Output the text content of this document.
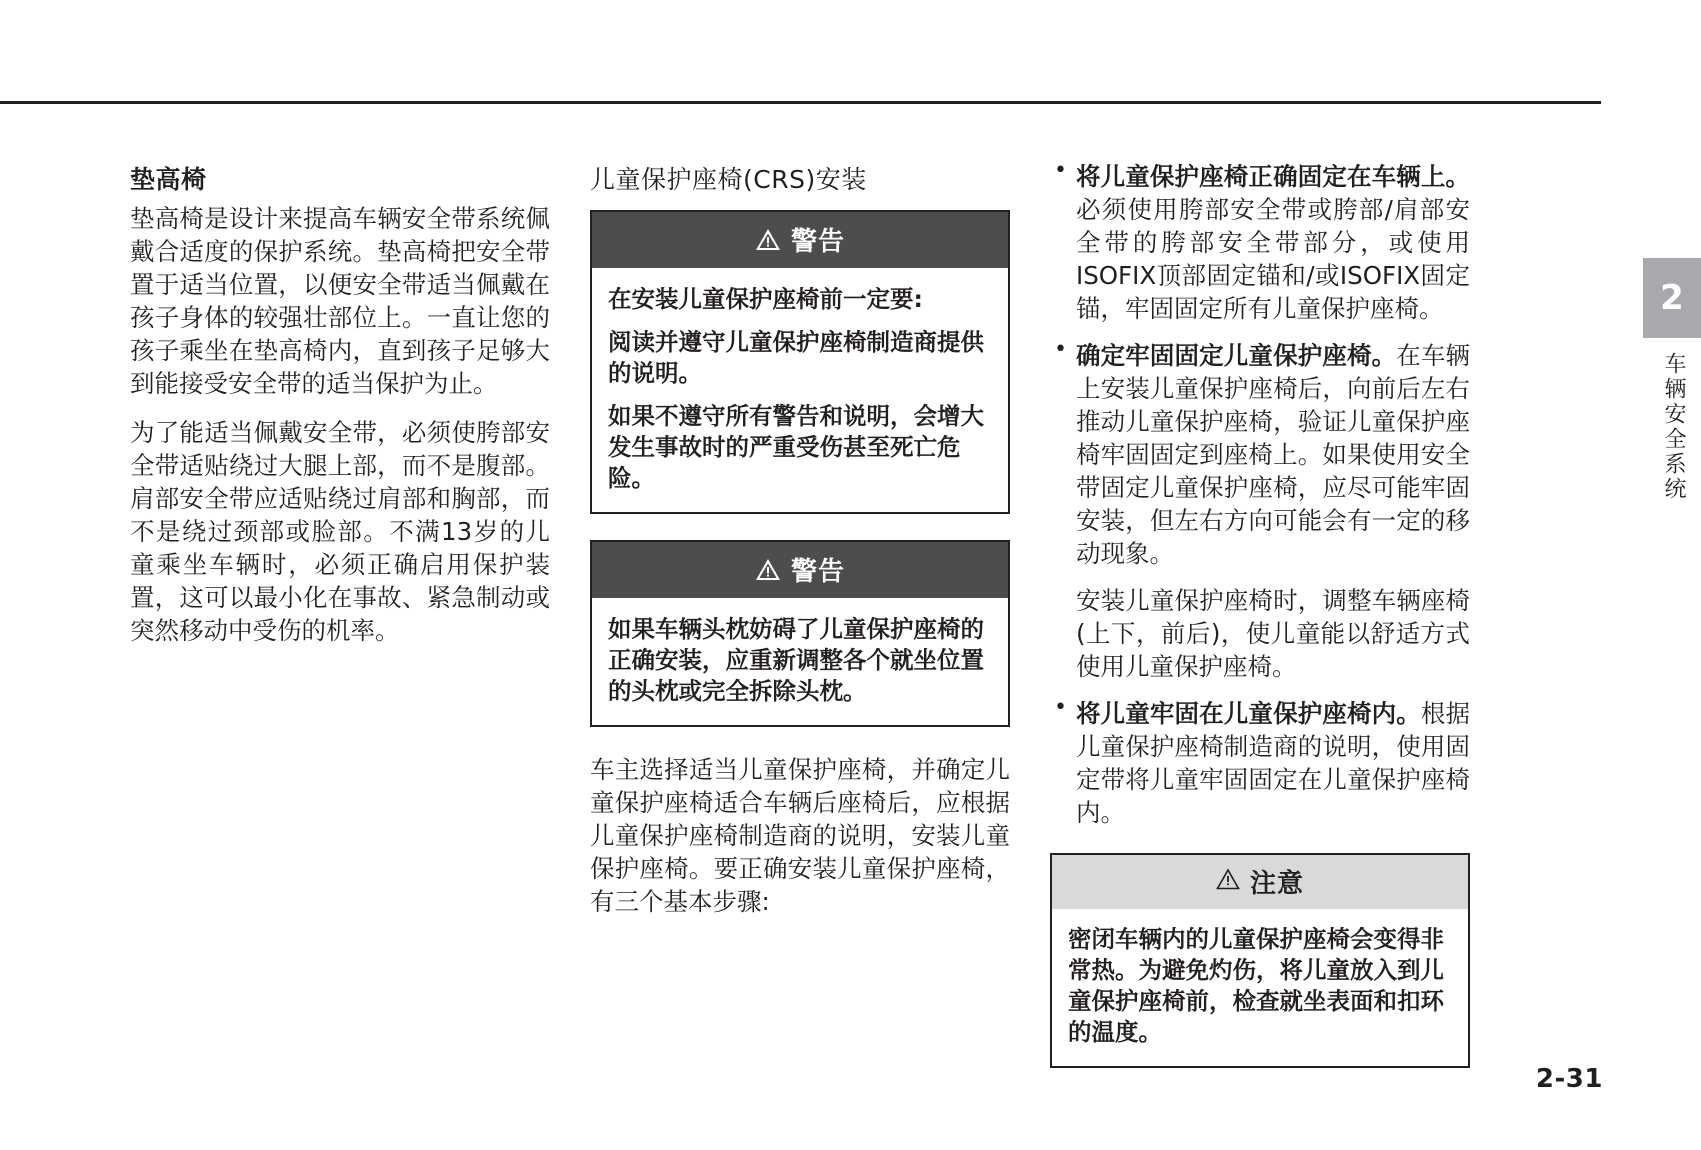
垫高椅

垫高椅是设计来提高车辆安全带系统佩戴合适度的保护系统。垫高椅把安全带置于适当位置，以便安全带适当佩戴在孩子身体的较强壮部位上。一直让您的孩子乘坐在垫高椅内，直到孩子足够大到能接受安全带的适当保护为止。

为了能适当佩戴安全带，必须使胯部安全带适贴绕过大腿上部，而不是腹部。肩部安全带应适贴绕过肩部和胸部，而不是绕过颈部或脸部。不满13岁的儿童乘坐车辆时，必须正确启用保护装置，这可以最小化在事故、紧急制动或突然移动中受伤的机率。

儿童保护座椅(CRS)安装
警告

在安装儿童保护座椅前一定要:

阅读并遵守儿童保护座椅制造商提供的说明。

如果不遵守所有警告和说明，会增大发生事故时的严重受伤甚至死亡危险。

警告

如果车辆头枕妨碍了儿童保护座椅的正确安装，应重新调整各个就坐位置的头枕或完全拆除头枕。

车主选择适当儿童保护座椅，并确定儿童保护座椅适合车辆后座椅后，应根据儿童保护座椅制造商的说明，安装儿童保护座椅。要正确安装儿童保护座椅，有三个基本步骤:

• 将儿童保护座椅正确固定在车辆上。必须使用胯部安全带或胯部/肩部安全带的胯部安全带部分，或使用ISOFIX顶部固定锚和/或ISOFIX固定锚，牢固固定所有儿童保护座椅。
• 确定牢固固定儿童保护座椅。在车辆上安装儿童保护座椅后，向前后左右推动儿童保护座椅，验证儿童保护座椅牢固固定到座椅上。如果使用安全带固定儿童保护座椅，应尽可能牢固安装，但左右方向可能会有一定的移动现象。

安装儿童保护座椅时，调整车辆座椅(上下，前后)，使儿童能以舒适方式使用儿童保护座椅。

• 将儿童牢固在儿童保护座椅内。根据儿童保护座椅制造商的说明，使用固定带将儿童牢固固定在儿童保护座椅内。
注意

密闭车辆内的儿童保护座椅会变得非常热。为避免灼伤，将儿童放入到儿童保护座椅前，检查就坐表面和扣环的温度。

2
车辆安全系统
2-31
